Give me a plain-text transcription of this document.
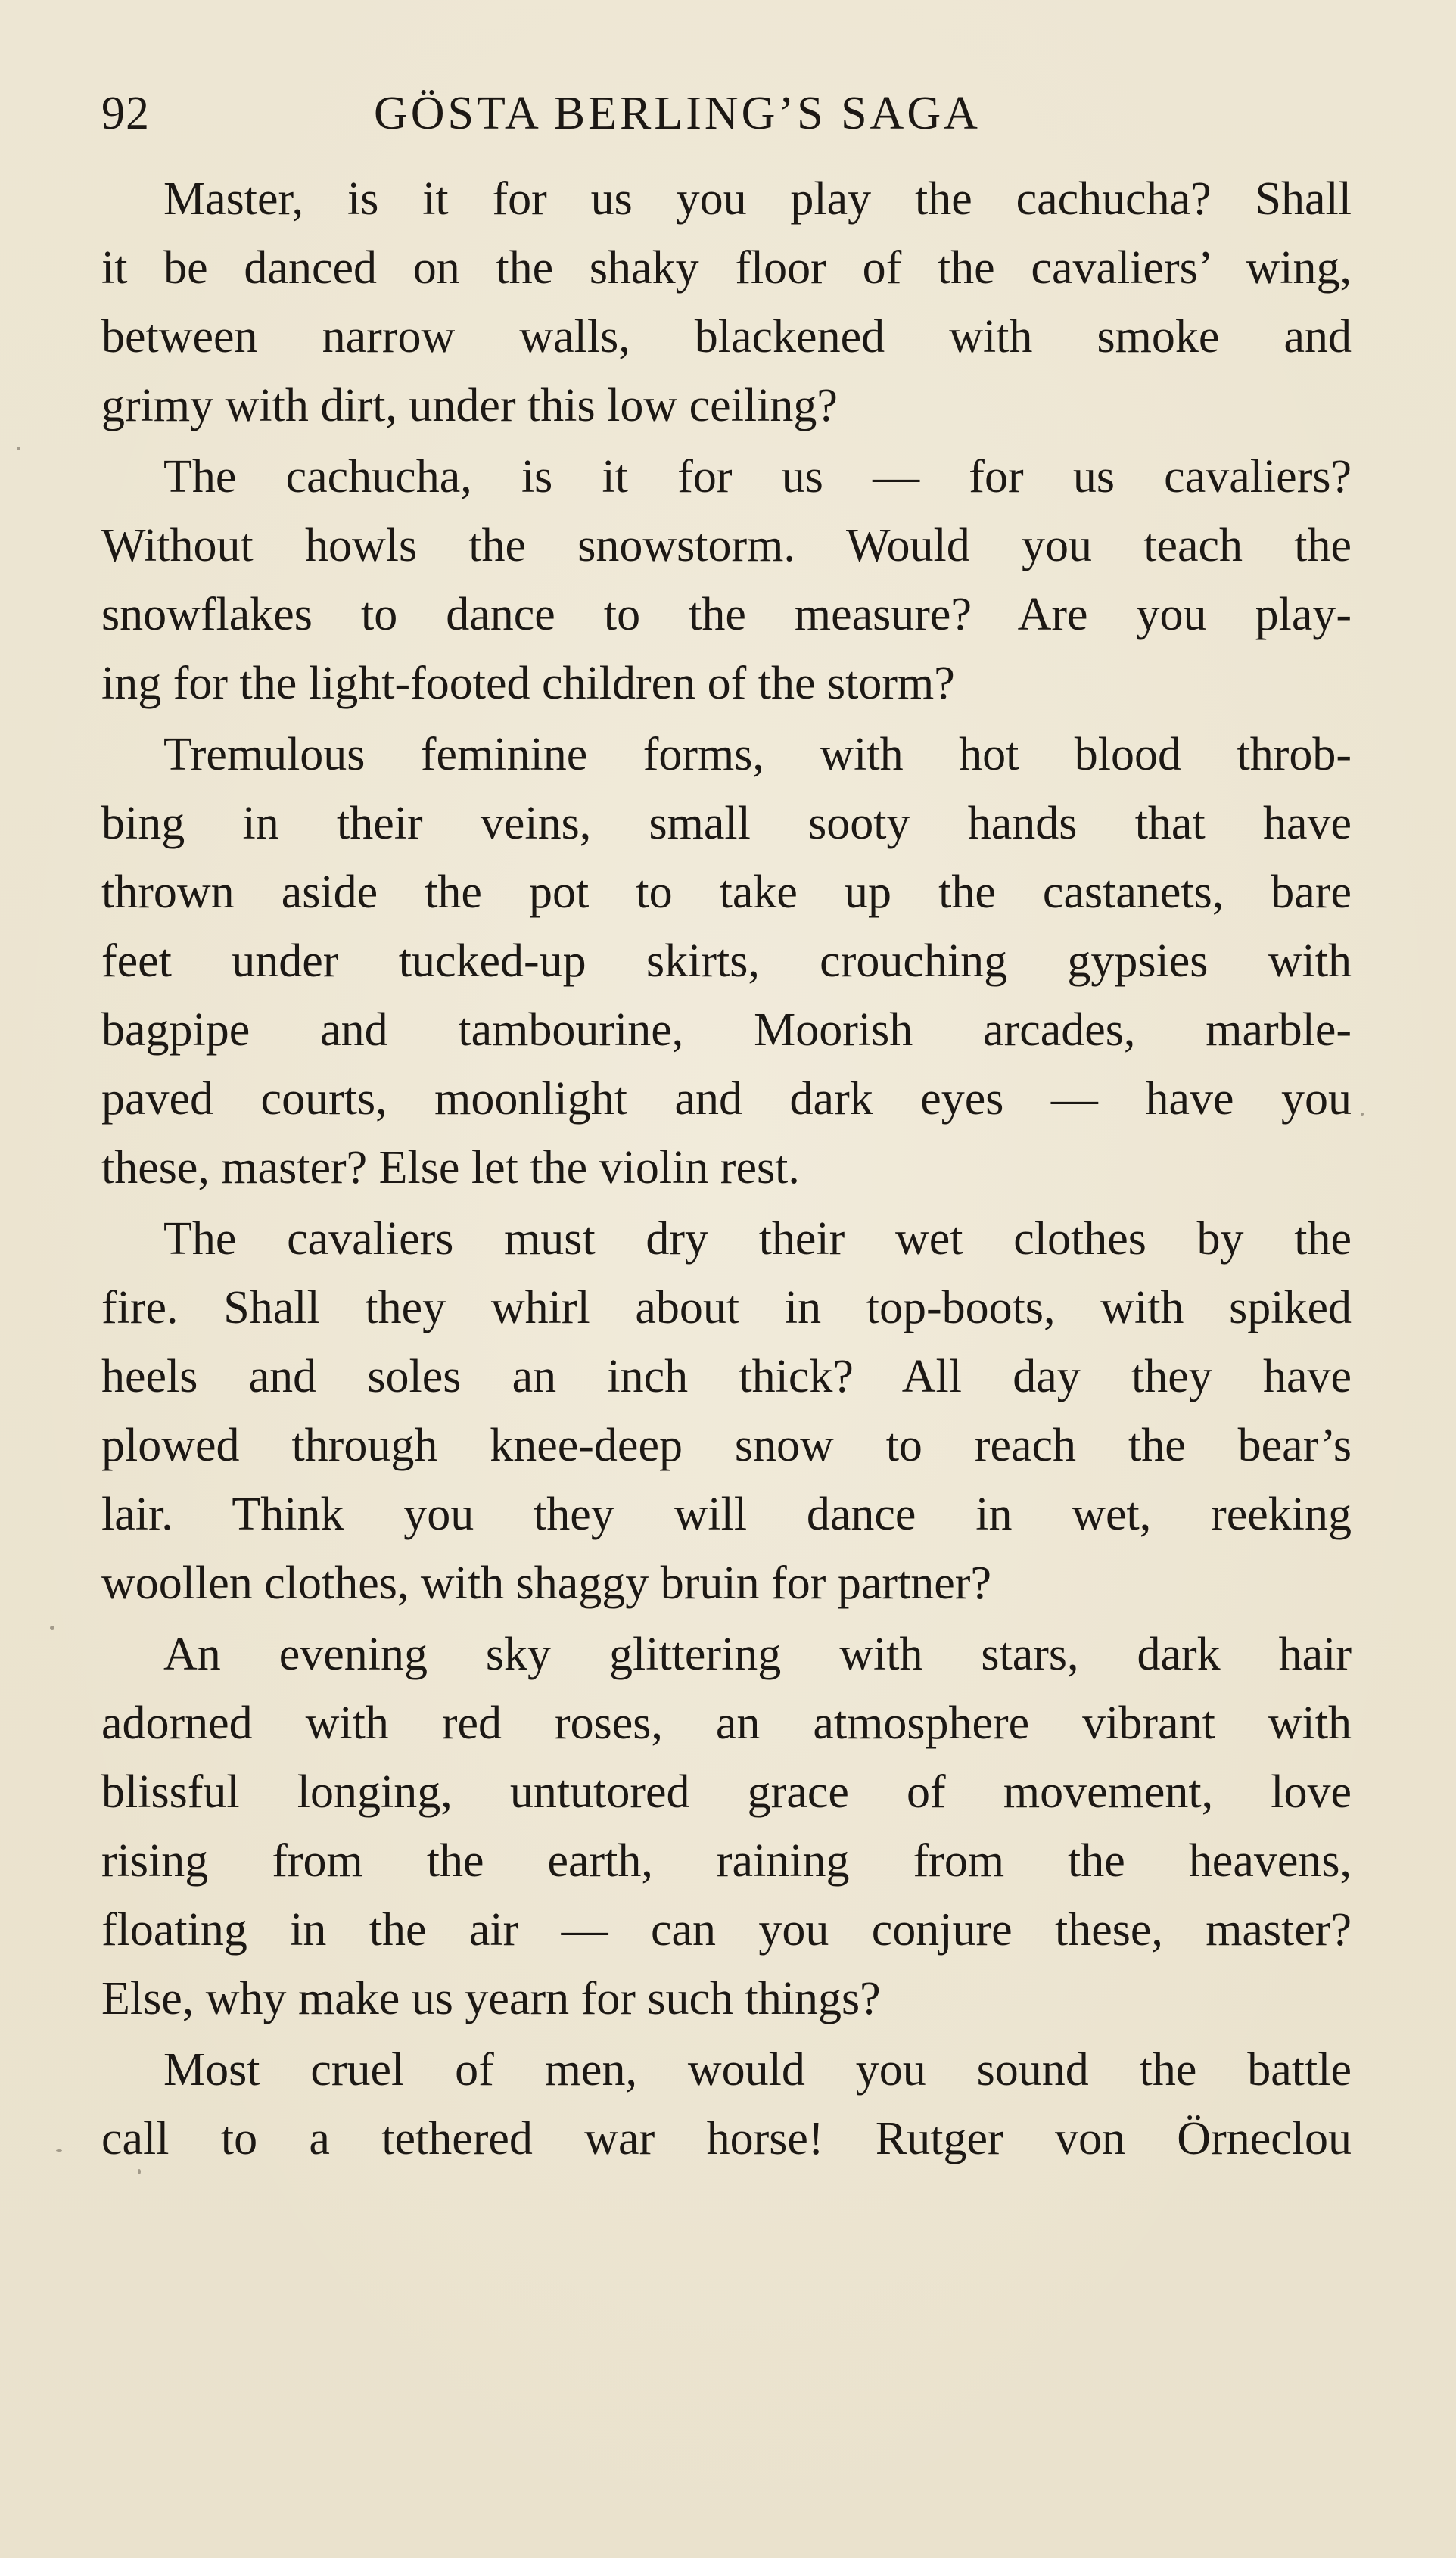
92	GÖSTA BERLING’S SAGA
Master, is it for us you play the cachucha? Shall
it be danced on the shaky floor of the cavaliers’ wing,
between narrow walls, blackened with smoke and
grimy with dirt, under this low ceiling?
The cachucha, is it for us — for us cavaliers?
Without howls the snowstorm. Would you teach the
snowflakes to dance to the measure? Are you play-
ing for the light-footed children of the storm?
Tremulous feminine forms, with hot blood throb-
bing in their veins, small sooty hands that have
thrown aside the pot to take up the castanets, bare
feet under tucked-up skirts, crouching gypsies with
bagpipe and tambourine, Moorish arcades, marble-
paved courts, moonlight and dark eyes — have you
these, master? Else let the violin rest.
The cavaliers must dry their wet clothes by the
fire. Shall they whirl about in top-boots, with spiked
heels and soles an inch thick? All day they have
plowed through knee-deep snow to reach the bear’s
lair. Think you they will dance in wet, reeking
woollen clothes, with shaggy bruin for partner?
An evening sky glittering with stars, dark hair
adorned with red roses, an atmosphere vibrant with
blissful longing, untutored grace of movement, love
rising from the earth, raining from the heavens,
floating in the air — can you conjure these, master?
Else, why make us yearn for such things?
Most cruel of men, would you sound the battle
call to a tethered war horse! Rutger von Örneclou
